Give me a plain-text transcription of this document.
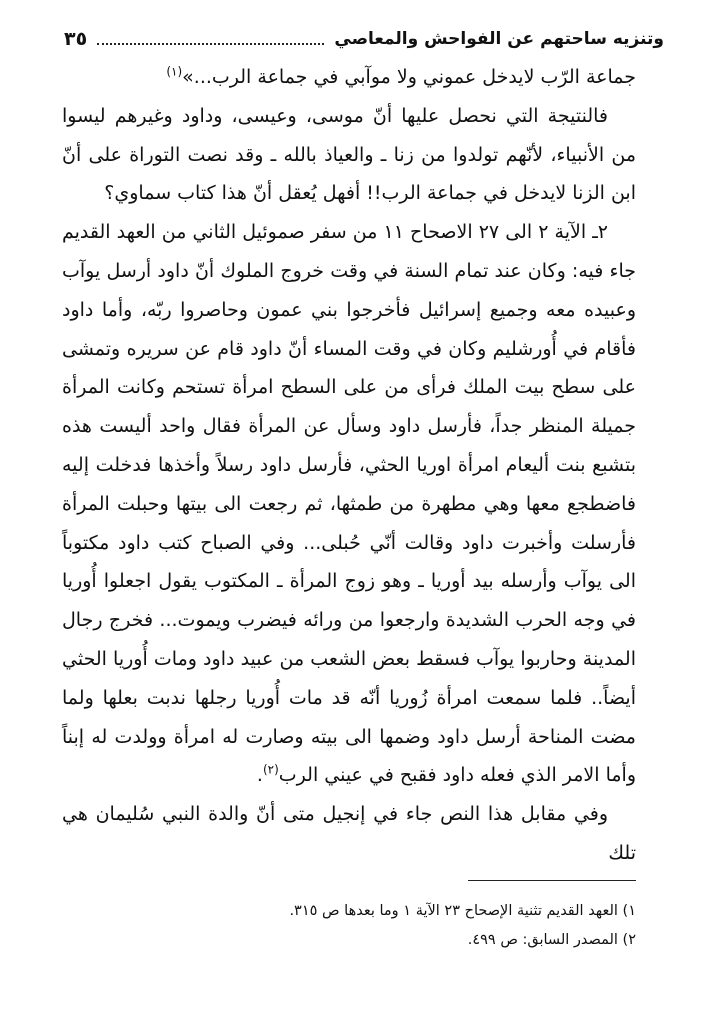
وتنزيه ساحتهم عن الفواحش والمعاصي
٣٥

جماعة الرّب لايدخل عموني ولا موآبي في جماعة الرب...»$^{(١)}$

فالنتيجة التي نحصل عليها أنّ موسى، وعيسى، وداود وغيرهم ليسوا من الأنبياء، لأنّهم تولدوا من زنا ـ والعياذ بالله ـ وقد نصت التوراة على أنّ ابن الزنا لايدخل في جماعة الرب!! أفهل يُعقل أنّ هذا كتاب سماوي؟

٢ـ الآية ٢ الى ٢٧ الاصحاح ١١ من سفر صموئيل الثاني من العهد القديم جاء فيه: وكان عند تمام السنة في وقت خروج الملوك أنّ داود أرسل يوآب وعبيده معه وجميع إسرائيل فأخرجوا بني عمون وحاصروا ربّه، وأما داود فأقام في أُورشليم وكان في وقت المساء أنّ داود قام عن سريره وتمشى على سطح بيت الملك فرأى من على السطح امرأة تستحم وكانت المرأة جميلة المنظر جداً، فأرسل داود وسأل عن المرأة فقال واحد أليست هذه بتشبع بنت أليعام امرأة اوريا الحثي، فأرسل داود رسلاً وأخذها فدخلت إليه فاضطجع معها وهي مطهرة من طمثها، ثم رجعت الى بيتها وحبلت المرأة فأرسلت وأخبرت داود وقالت أنّي حُبلى... وفي الصباح كتب داود مكتوباً الى يوآب وأرسله بيد أوريا ـ وهو زوج المرأة ـ المكتوب يقول اجعلوا أُوريا في وجه الحرب الشديدة وارجعوا من ورائه فيضرب ويموت... فخرج رجال المدينة وحاربوا يوآب فسقط بعض الشعب من عبيد داود ومات أُوريا الحثي أيضاً.. فلما سمعت امرأة زُوريا أنّه قد مات أُوريا رجلها ندبت بعلها ولما مضت المناحة أرسل داود وضمها الى بيته وصارت له امرأة وولدت له إبناً وأما الامر الذي فعله داود فقبح في عيني الرب$^{(٢)}$.

وفي مقابل هذا النص جاء في إنجيل متى أنّ والدة النبي سُليمان هي تلك

١) العهد القديم تثنية الإصحاح ٢٣ الآية ١ وما بعدها ص ٣١٥.

٢) المصدر السابق: ص ٤٩٩.
